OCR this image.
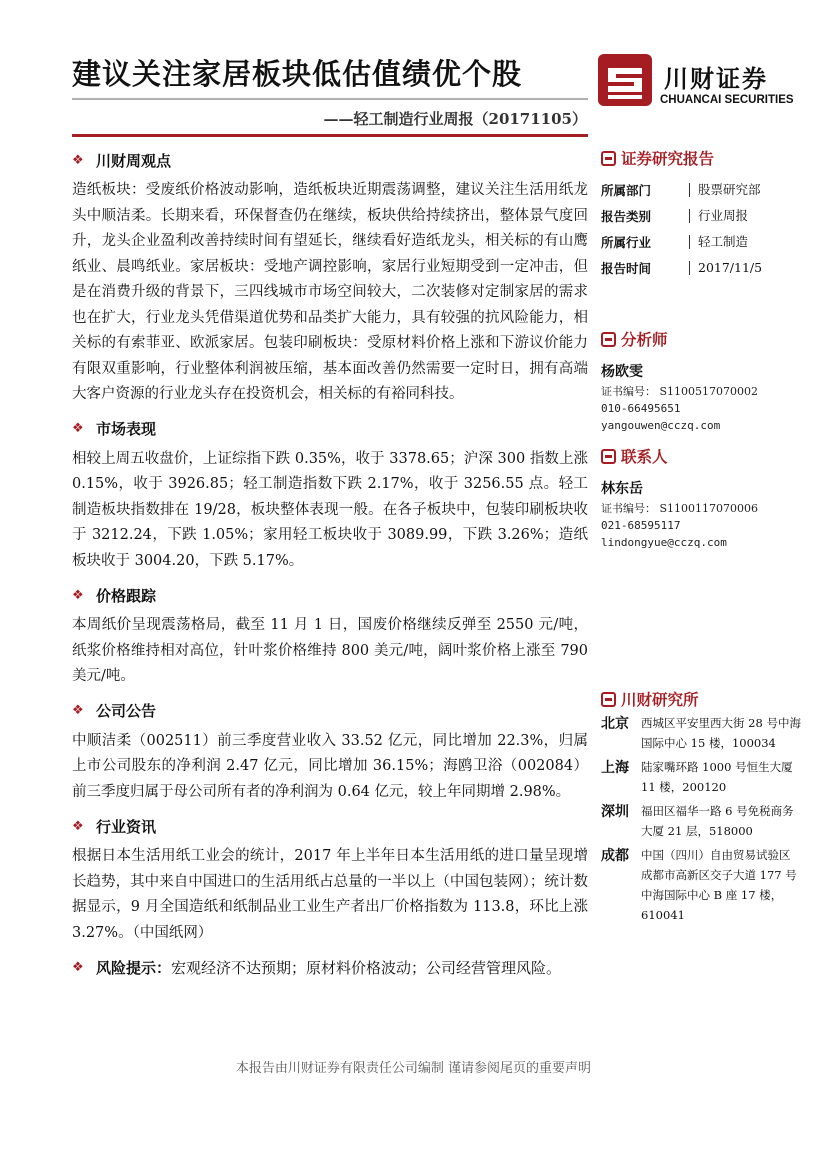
建议关注家居板块低估值绩优个股
——轻工制造行业周报（20171105）
川财证券
CHUANCAI SECURITIES
❖ 川财周观点

造纸板块：受废纸价格波动影响，造纸板块近期震荡调整，建议关注生活用纸龙头中顺洁柔。长期来看，环保督查仍在继续，板块供给持续挤出，整体景气度回升，龙头企业盈利改善持续时间有望延长，继续看好造纸龙头，相关标的有山鹰纸业、晨鸣纸业。家居板块：受地产调控影响，家居行业短期受到一定冲击，但是在消费升级的背景下，三四线城市市场空间较大，二次装修对定制家居的需求也在扩大，行业龙头凭借渠道优势和品类扩大能力，具有较强的抗风险能力，相关标的有索菲亚、欧派家居。包装印刷板块：受原材料价格上涨和下游议价能力有限双重影响，行业整体利润被压缩，基本面改善仍然需要一定时日，拥有高端大客户资源的行业龙头存在投资机会，相关标的有裕同科技。

❖ 市场表现

相较上周五收盘价，上证综指下跌 0.35%，收于 3378.65；沪深 300 指数上涨 0.15%，收于 3926.85；轻工制造指数下跌 2.17%，收于 3256.55 点。轻工制造板块指数排在 19/28，板块整体表现一般。在各子板块中，包装印刷板块收于 3212.24，下跌 1.05%；家用轻工板块收于 3089.99，下跌 3.26%；造纸板块收于 3004.20，下跌 5.17%。

❖ 价格跟踪

本周纸价呈现震荡格局，截至 11 月 1 日，国废价格继续反弹至 2550 元/吨，纸浆价格维持相对高位，针叶浆价格维持 800 美元/吨，阔叶浆价格上涨至 790 美元/吨。

❖ 公司公告

中顺洁柔（002511）前三季度营业收入 33.52 亿元，同比增加 22.3%，归属上市公司股东的净利润 2.47 亿元，同比增加 36.15%；海鸥卫浴（002084）前三季度归属于母公司所有者的净利润为 0.64 亿元，较上年同期增 2.98%。

❖ 行业资讯

根据日本生活用纸工业会的统计，2017 年上半年日本生活用纸的进口量呈现增长趋势，其中来自中国进口的生活用纸占总量的一半以上（中国包装网）；统计数据显示，9 月全国造纸和纸制品业工业生产者出厂价格指数为 113.8，环比上涨 3.27%。（中国纸网）

❖ 风险提示： 宏观经济不达预期；原材料价格波动；公司经营管理风险。
证券研究报告
所属部门	股票研究部
报告类别	行业周报
所属行业	轻工制造
报告时间	2017/11/5
分析师
杨欧雯
证书编号： S1100517070002
010-66495651
yangouwen@cczq.com
联系人
林东岳
证书编号： S1100117070006
021-68595117
lindongyue@cczq.com
川财研究所
北京	西城区平安里西大街 28 号中海国际中心 15 楼，100034
上海	陆家嘴环路 1000 号恒生大厦 11 楼，200120
深圳	福田区福华一路 6 号免税商务大厦 21 层，518000
成都	中国（四川）自由贸易试验区成都市高新区交子大道 177 号中海国际中心 B 座 17 楼，610041
本报告由川财证券有限责任公司编制 谨请参阅尾页的重要声明
